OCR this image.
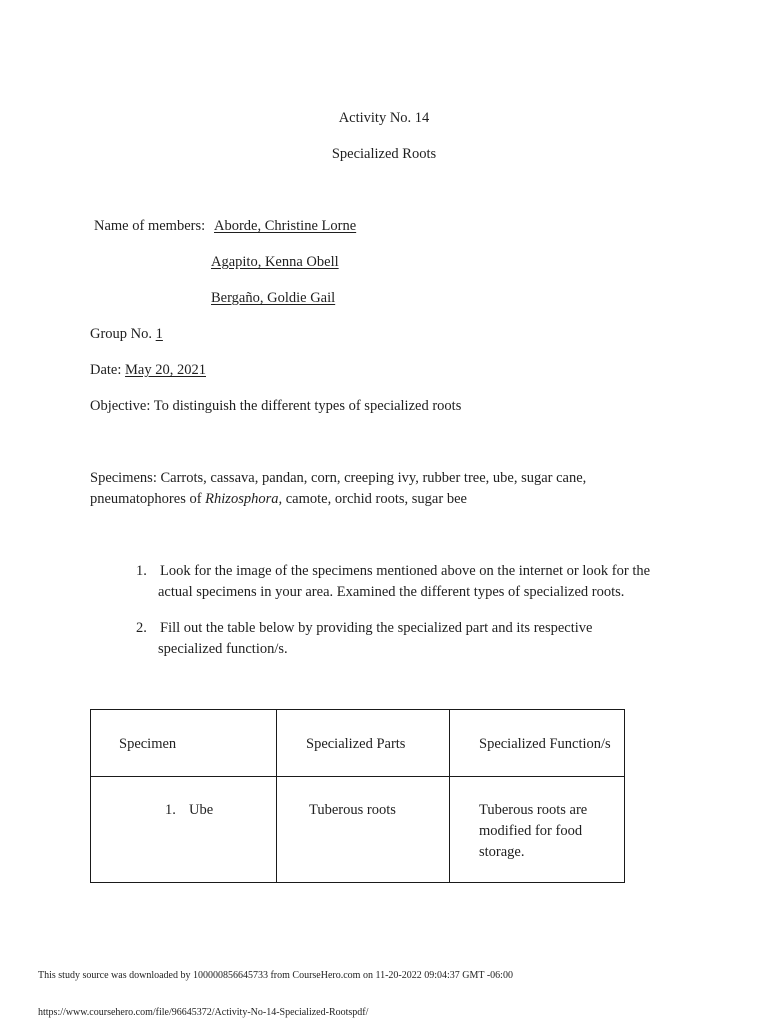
Activity No. 14
Specialized Roots
Name of members: Aborde, Christine Lorne
Agapito, Kenna Obell
Bergaño, Goldie Gail
Group No. 1
Date: May 20, 2021
Objective: To distinguish the different types of specialized roots
Specimens: Carrots, cassava, pandan, corn, creeping ivy, rubber tree, ube, sugar cane,
pneumatophores of Rhizosphora, camote, orchid roots, sugar bee
1. Look for the image of the specimens mentioned above on the internet or look for the
actual specimens in your area. Examined the different types of specialized roots.
2. Fill out the table below by providing the specialized part and its respective
specialized function/s.
Specimen	Specialized Parts	Specialized Function/s

1. Ube	Tuberous roots	Tuberous roots are
modified for food
storage.
This study source was downloaded by 100000856645733 from CourseHero.com on 11-20-2022 09:04:37 GMT -06:00
https://www.coursehero.com/file/96645372/Activity-No-14-Specialized-Rootspdf/
